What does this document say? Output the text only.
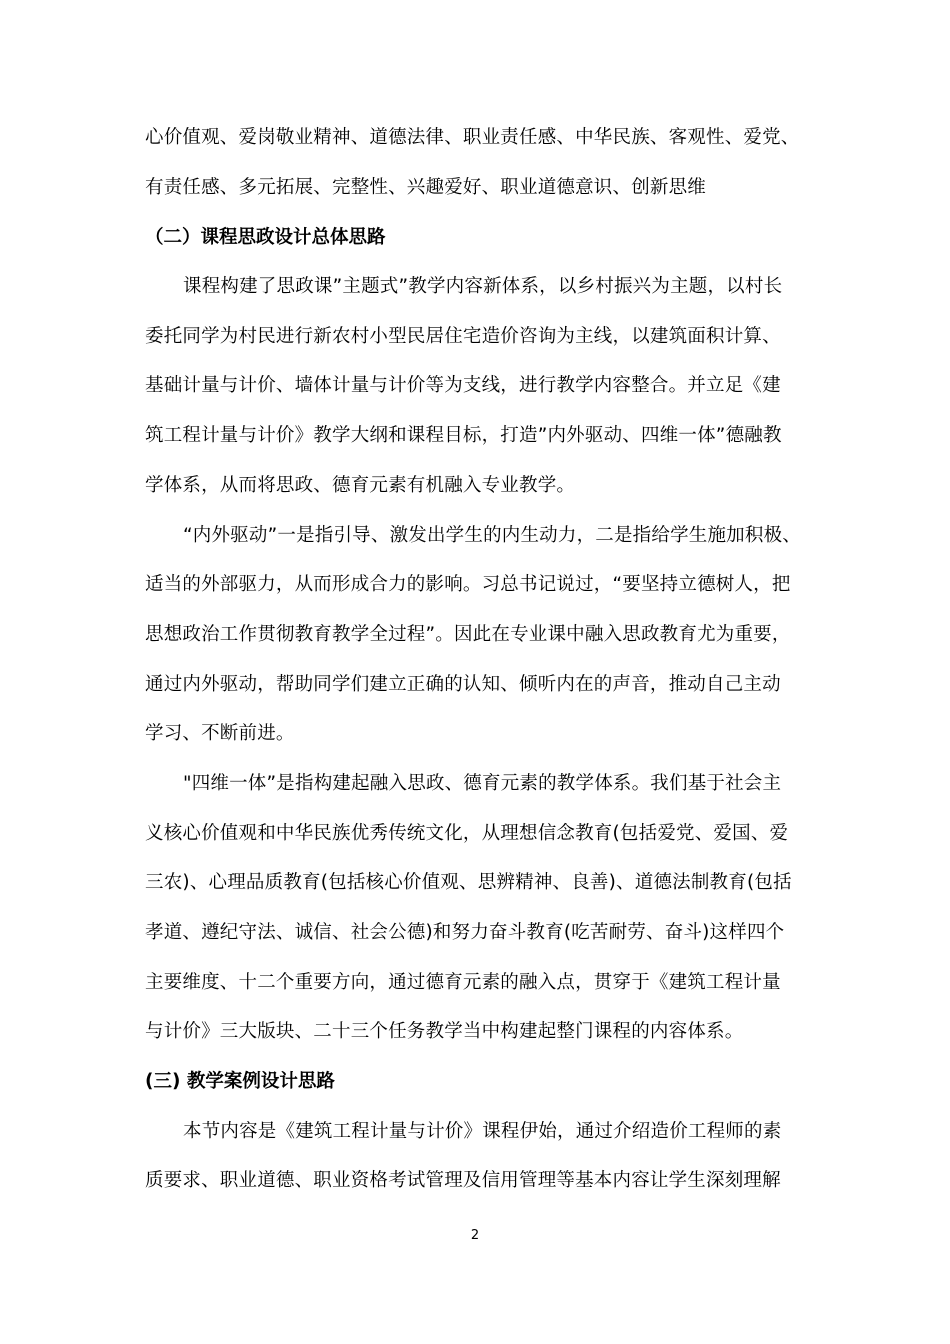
心价值观、爱岗敬业精神、道德法律、职业责任感、中华民族、客观性、爱党、
有责任感、多元拓展、完整性、兴趣爱好、职业道德意识、创新思维
（二）课程思政设计总体思路
课程构建了思政课”主题式”教学内容新体系，以乡村振兴为主题，以村长
委托同学为村民进行新农村小型民居住宅造价咨询为主线，以建筑面积计算、
基础计量与计价、墙体计量与计价等为支线，进行教学内容整合。并立足《建
筑工程计量与计价》教学大纲和课程目标，打造”内外驱动、四维一体”德融教
学体系，从而将思政、德育元素有机融入专业教学。
“内外驱动”一是指引导、激发出学生的内生动力，二是指给学生施加积极、
适当的外部驱力，从而形成合力的影响。习总书记说过，“要坚持立德树人，把
思想政治工作贯彻教育教学全过程”。因此在专业课中融入思政教育尤为重要，
通过内外驱动，帮助同学们建立正确的认知、倾听内在的声音，推动自己主动
学习、不断前进。
"四维一体”是指构建起融入思政、德育元素的教学体系。我们基于社会主
义核心价值观和中华民族优秀传统文化，从理想信念教育(包括爱党、爱国、爱
三农)、心理品质教育(包括核心价值观、思辨精神、良善)、道德法制教育(包括
孝道、遵纪守法、诚信、社会公德)和努力奋斗教育(吃苦耐劳、奋斗)这样四个
主要维度、十二个重要方向，通过德育元素的融入点，贯穿于《建筑工程计量
与计价》三大版块、二十三个任务教学当中构建起整门课程的内容体系。
(三) 教学案例设计思路
本节内容是《建筑工程计量与计价》课程伊始，通过介绍造价工程师的素
质要求、职业道德、职业资格考试管理及信用管理等基本内容让学生深刻理解
2
